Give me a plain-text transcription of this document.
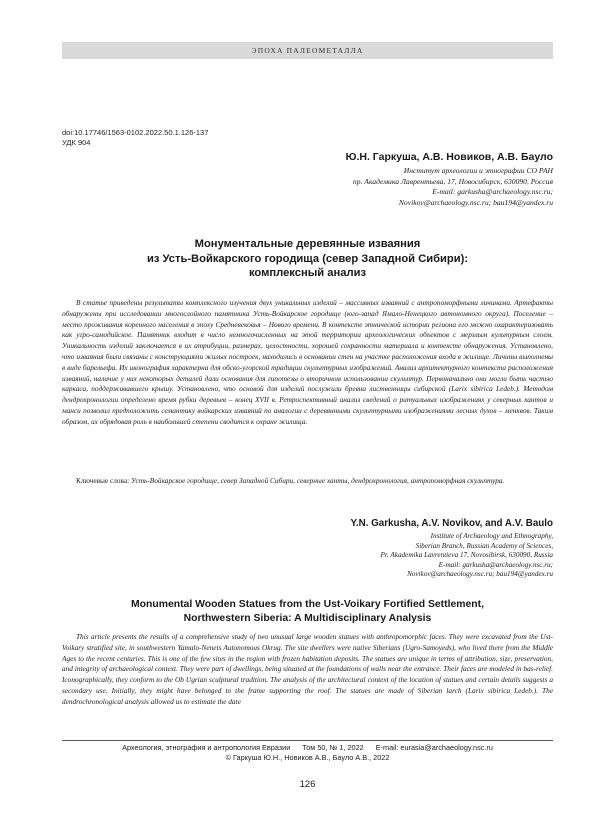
ЭПОХА ПАЛЕОМЕТАЛЛА
doi:10.17746/1563-0102.2022.50.1.126-137
УДК 904
Ю.Н. Гаркуша, А.В. Новиков, А.В. Бауло
Институт археологии и этнографии СО РАН
пр. Академика Лаврентьева, 17, Новосибирск, 630090, Россия
E-mail: garkusha@archaeology.nsc.ru;
Novikov@archaeology.nsc.ru; bau194@yandex.ru
Монументальные деревянные изваяния
из Усть-Войкарского городища (север Западной Сибири):
комплексный анализ

В статье приведены результаты комплексного изучения двух уникальных изделий – массивных изваяний с антропоморфными личинами. Артефакты обнаружены при исследовании многослойного памятника Усть-Войкарское городище (юго-запад Ямало-Ненецкого автономного округа). Поселение – место проживания коренного населения в эпоху Средневековья – Нового времени. В контексте этнической истории региона его можно охарактеризовать как угро-самодийское. Памятник входит в число немногочисленных на этой территории археологических объектов с мерзлым культурным слоем. Уникальность изделий заключается в их атрибуции, размерах, целостности, хорошей сохранности материала и контексте обнаружения. Установлено, что изваяния были связаны с конструкциями жилых построек, находились в основании стен на участке расположения входа в жилище. Личины выполнены в виде барельефа. Их иконография характерна для обско-угорской традиции скульптурных изображений. Анализ архитектурного контекста расположения изваяний, наличие у них некоторых деталей дали основания для гипотезы о вторичном использовании скульптур. Первоначально они могли быть частью каркаса, поддерживавшего крышу. Установлено, что основой для изделий послужили бревна лиственницы сибирской (Larix sibirica Ledeb.). Методом дендрохронологии определено время рубки деревьев – конец XVII в. Ретроспективный анализ сведений о ритуальных изображениях у северных хантов и манси позволил предположить семантику войкарских изваяний по аналогии с деревянными скульптурными изображениями лесных духов – менквов. Таким образом, их обрядовая роль в наибольшей степени сводится к охране жилища.

Ключевые слова: Усть-Войкарское городище, север Западной Сибири, северные ханты, дендрохронология, антропоморфная скульптура.
Y.N. Garkusha, A.V. Novikov, and A.V. Baulo
Institute of Archaeology and Ethnography,
Siberian Branch, Russian Academy of Sciences,
Pr. Akademika Lavrentieva 17, Novosibirsk, 630090, Russia
E-mail: garkusha@archaeology.nsc.ru;
Novikov@archaeology.nsc.ru; bau194@yandex.ru
Monumental Wooden Statues from the Ust-Voikary Fortified Settlement,
Northwestern Siberia: A Multidisciplinary Analysis

This article presents the results of a comprehensive study of two unusual large wooden statues with anthropomorphic faces. They were excavated from the Ust-Voikary stratified site, in southwestern Yamalo-Nenets Autonomous Okrug. The site dwellers were native Siberians (Ugro-Samoyeds), who lived there from the Middle Ages to the recent centuries. This is one of the few sites in the region with frozen habitation deposits. The statues are unique in terms of attribution, size, preservation, and integrity of archaeological context. They were part of dwellings, being situated at the foundations of walls near the entrance. Their faces are modeled in bas-relief. Iconographically, they conform to the Ob Ugrian sculptural tradition. The analysis of the architectural context of the location of statues and certain details suggests a secondary use. Initially, they might have belonged to the frame supporting the roof. The statues are made of Siberian larch (Larix sibirica Ledeb.). The dendrochronological analysis allowed us to estimate the date

Археология, этнография и антропология Евразии Том 50, № 1, 2022 E-mail: eurasia@archaeology.nsc.ru
© Гаркуша Ю.Н., Новиков А.В., Бауло А.В., 2022
126
